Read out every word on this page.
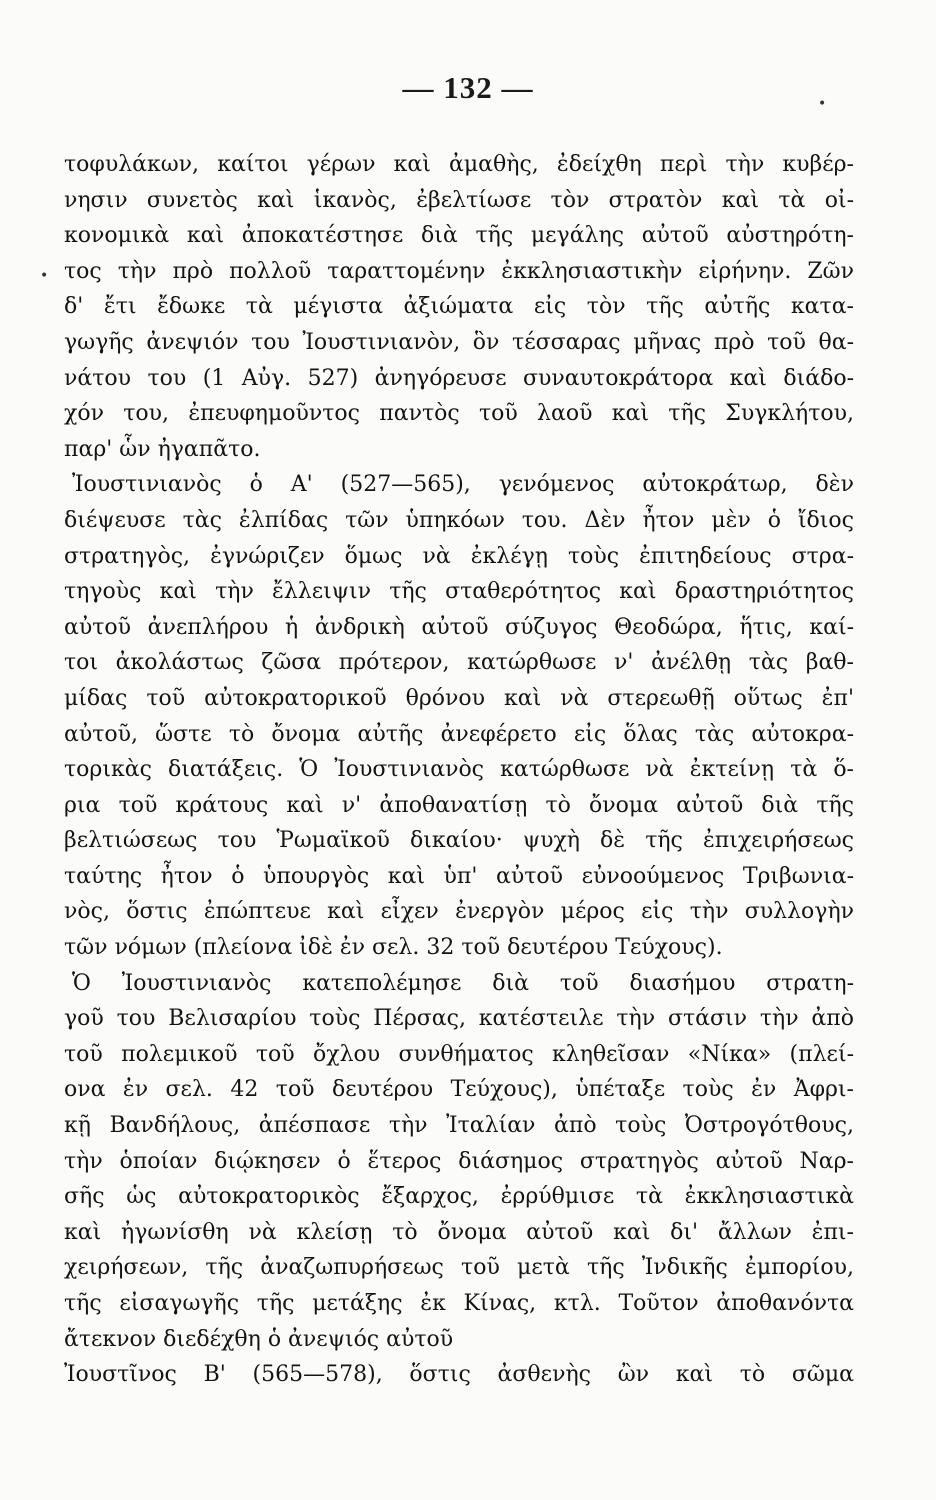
— 132 —
•
•
τοφυλάκων, καίτοι γέρων καὶ ἀμαθὴς, ἐδείχθη περὶ τὴν κυβέρ-
νησιν συνετὸς καὶ ἱκανὸς, ἐβελτίωσε τὸν στρατὸν καὶ τὰ οἰ-
κονομικὰ καὶ ἀποκατέστησε διὰ τῆς μεγάλης αὐτοῦ αὐστηρότη-
τος τὴν πρὸ πολλοῦ ταραττομένην ἐκκλησιαστικὴν εἰρήνην. Ζῶν
δ' ἔτι ἔδωκε τὰ μέγιστα ἀξιώματα εἰς τὸν τῆς αὐτῆς κατα-
γωγῆς ἀνεψιόν του Ἰουστινιανὸν, ὃν τέσσαρας μῆνας πρὸ τοῦ θα-
νάτου του (1 Αὐγ. 527) ἀνηγόρευσε συναυτοκράτορα καὶ διάδο-
χόν του, ἐπευφημοῦντος παντὸς τοῦ λαοῦ καὶ τῆς Συγκλήτου,
παρ' ὧν ἠγαπᾶτο.
Ἰουστινιανὸς ὁ Α' (527—565), γενόμενος αὐτοκράτωρ, δὲν
διέψευσε τὰς ἐλπίδας τῶν ὑπηκόων του. Δὲν ἦτον μὲν ὁ ἴδιος
στρατηγὸς, ἐγνώριζεν ὅμως νὰ ἐκλέγῃ τοὺς ἐπιτηδείους στρα-
τηγοὺς καὶ τὴν ἔλλειψιν τῆς σταθερότητος καὶ δραστηριότητος
αὐτοῦ ἀνεπλήρου ἡ ἀνδρικὴ αὐτοῦ σύζυγος Θεοδώρα, ἥτις, καί-
τοι ἀκολάστως ζῶσα πρότερον, κατώρθωσε ν' ἀνέλθῃ τὰς βαθ-
μίδας τοῦ αὐτοκρατορικοῦ θρόνου καὶ νὰ στερεωθῇ οὕτως ἐπ'
αὐτοῦ, ὥστε τὸ ὄνομα αὐτῆς ἀνεφέρετο εἰς ὅλας τὰς αὐτοκρα-
τορικὰς διατάξεις. Ὁ Ἰουστινιανὸς κατώρθωσε νὰ ἐκτείνῃ τὰ ὅ-
ρια τοῦ κράτους καὶ ν' ἀποθανατίσῃ τὸ ὄνομα αὐτοῦ διὰ τῆς
βελτιώσεως του Ῥωμαϊκοῦ δικαίου· ψυχὴ δὲ τῆς ἐπιχειρήσεως
ταύτης ἦτον ὁ ὑπουργὸς καὶ ὑπ' αὐτοῦ εὐνοούμενος Τριβωνια-
νὸς, ὅστις ἐπώπτευε καὶ εἶχεν ἐνεργὸν μέρος εἰς τὴν συλλογὴν
τῶν νόμων (πλείονα ἰδὲ ἐν σελ. 32 τοῦ δευτέρου Τεύχους).
Ὁ Ἰουστινιανὸς κατεπολέμησε διὰ τοῦ διασήμου στρατη-
γοῦ του Βελισαρίου τοὺς Πέρσας, κατέστειλε τὴν στάσιν τὴν ἀπὸ
τοῦ πολεμικοῦ τοῦ ὄχλου συνθήματος κληθεῖσαν «Νίκα» (πλεί-
ονα ἐν σελ. 42 τοῦ δευτέρου Τεύχους), ὑπέταξε τοὺς ἐν Ἀφρι-
κῇ Βανδήλους, ἀπέσπασε τὴν Ἰταλίαν ἀπὸ τοὺς Ὀστρογότθους,
τὴν ὁποίαν διῴκησεν ὁ ἕτερος διάσημος στρατηγὸς αὐτοῦ Ναρ-
σῆς ὡς αὐτοκρατορικὸς ἔξαρχος, ἐρρύθμισε τὰ ἐκκλησιαστικὰ
καὶ ἠγωνίσθη νὰ κλείσῃ τὸ ὄνομα αὐτοῦ καὶ δι' ἄλλων ἐπι-
χειρήσεων, τῆς ἀναζωπυρήσεως τοῦ μετὰ τῆς Ἰνδικῆς ἐμπορίου,
τῆς εἰσαγωγῆς τῆς μετάξης ἐκ Κίνας, κτλ. Τοῦτον ἀποθανόντα
ἄτεκνον διεδέχθη ὁ ἀνεψιός αὐτοῦ
Ἰουστῖνος Β' (565—578), ὅστις ἀσθενὴς ὢν καὶ τὸ σῶμα
